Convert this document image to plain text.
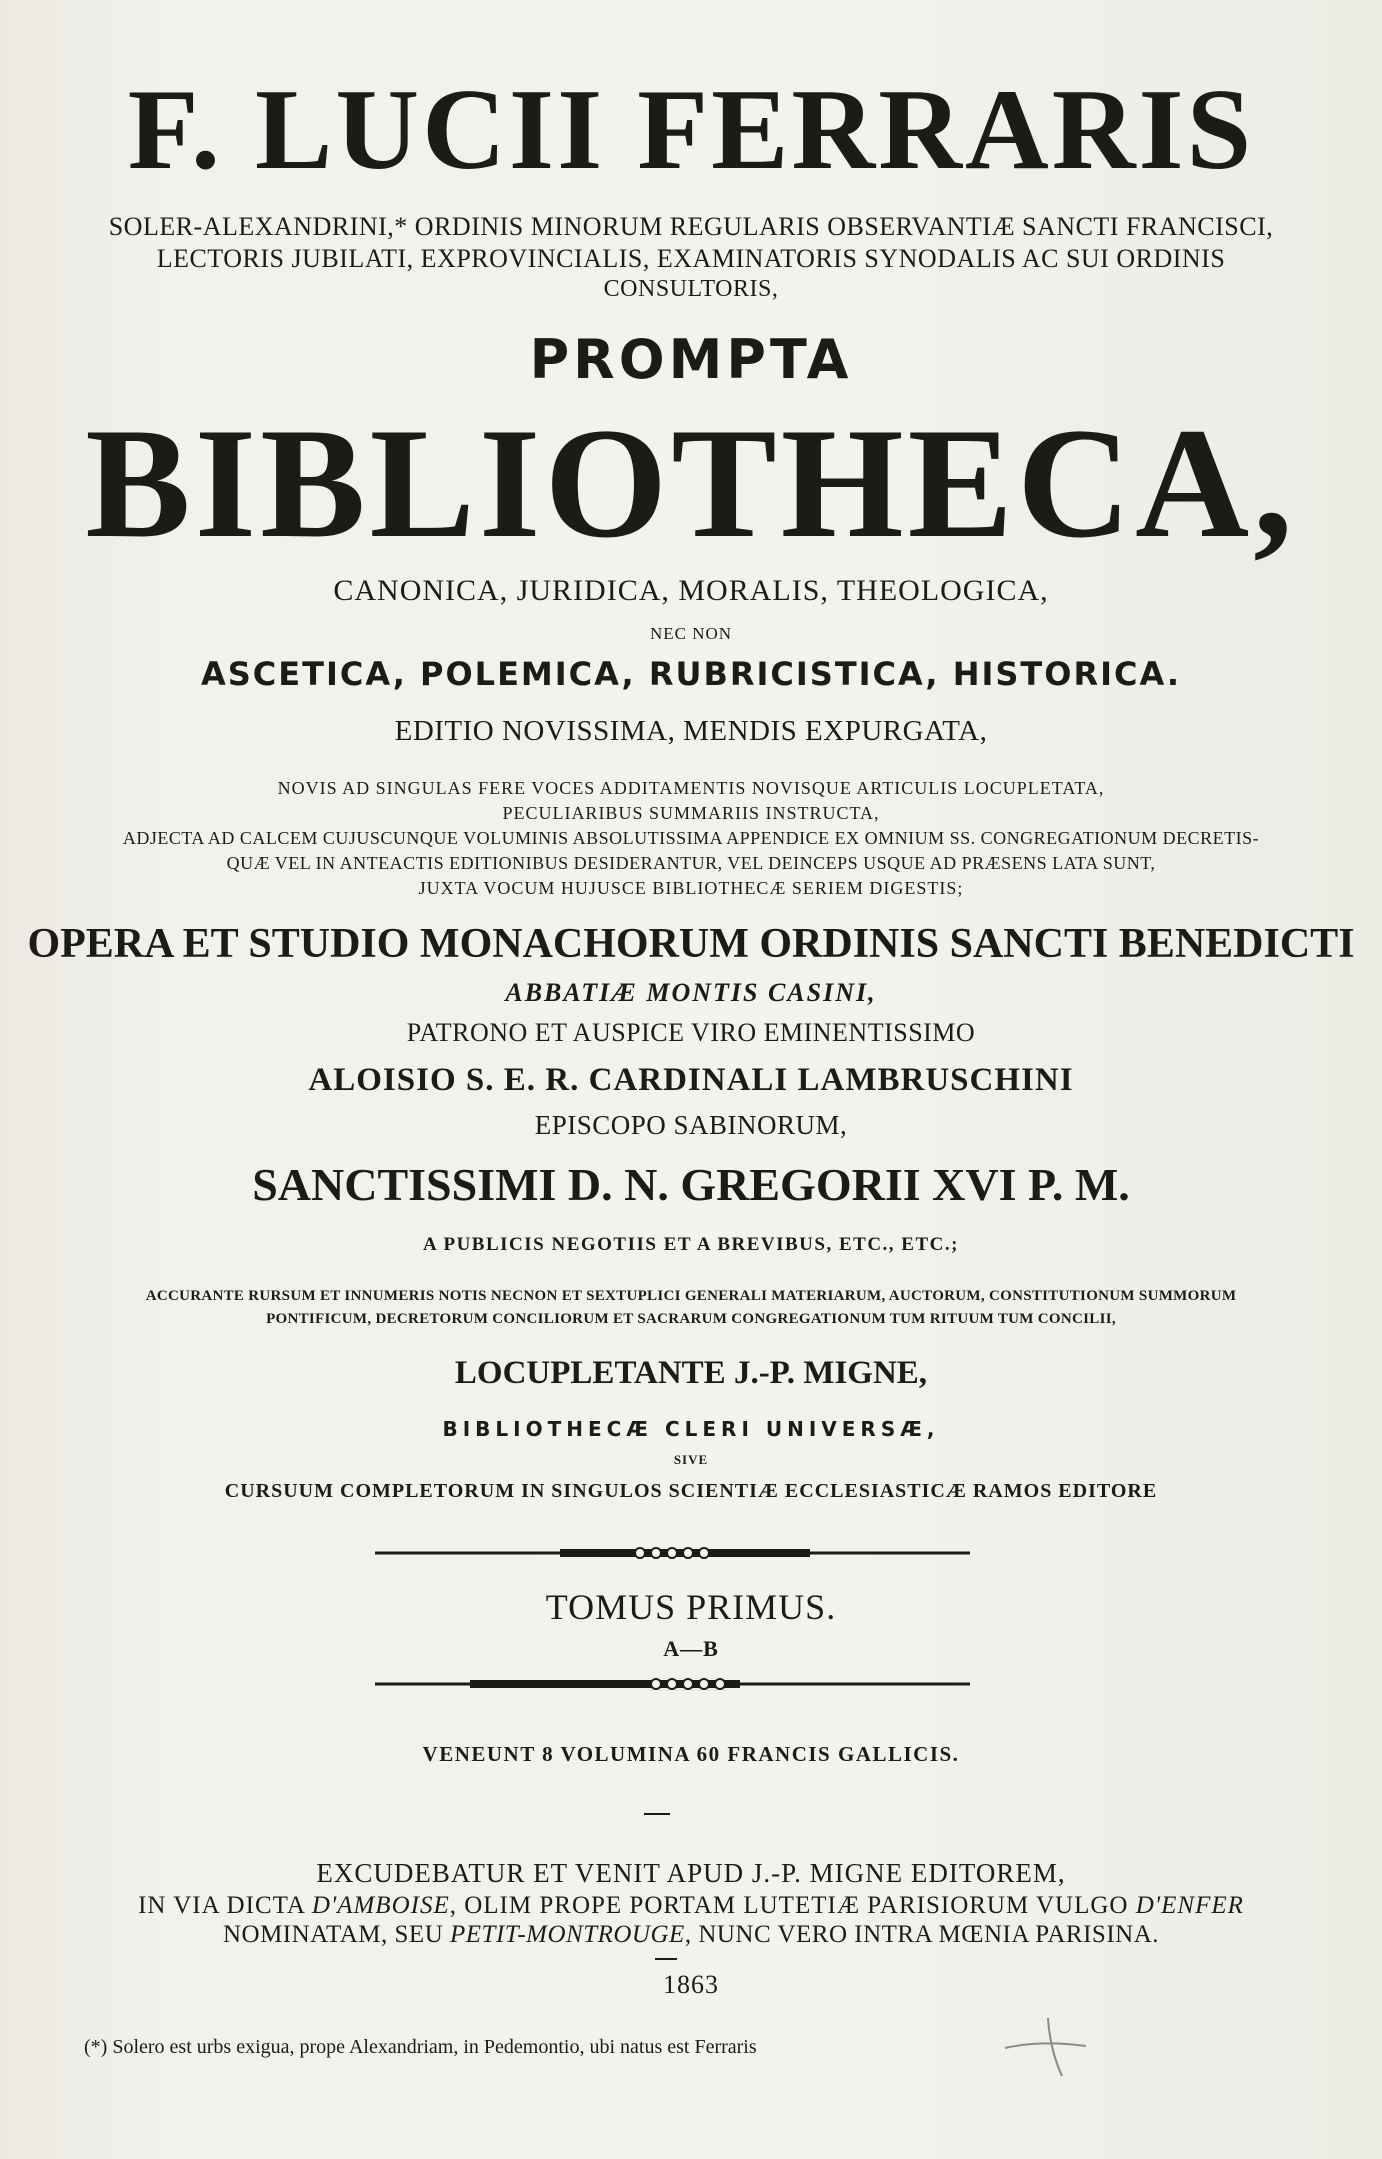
F. LUCII FERRARIS

SOLER-ALEXANDRINI,* ORDINIS MINORUM REGULARIS OBSERVANTIÆ SANCTI FRANCISCI,

LECTORIS JUBILATI, EXPROVINCIALIS, EXAMINATORIS SYNODALIS AC SUI ORDINIS

CONSULTORIS,

PROMPTA

BIBLIOTHECA,

CANONICA, JURIDICA, MORALIS, THEOLOGICA,

NEC NON

ASCETICA, POLEMICA, RUBRICISTICA, HISTORICA.

EDITIO NOVISSIMA, MENDIS EXPURGATA,

NOVIS AD SINGULAS FERE VOCES ADDITAMENTIS NOVISQUE ARTICULIS LOCUPLETATA,

PECULIARIBUS SUMMARIIS INSTRUCTA,

ADJECTA AD CALCEM CUJUSCUNQUE VOLUMINIS ABSOLUTISSIMA APPENDICE EX OMNIUM SS. CONGREGATIONUM DECRETIS-

QUÆ VEL IN ANTEACTIS EDITIONIBUS DESIDERANTUR, VEL DEINCEPS USQUE AD PRÆSENS LATA SUNT,

JUXTA VOCUM HUJUSCE BIBLIOTHECÆ SERIEM DIGESTIS;

OPERA ET STUDIO MONACHORUM ORDINIS SANCTI BENEDICTI

ABBATIÆ MONTIS CASINI,

PATRONO ET AUSPICE VIRO EMINENTISSIMO

ALOISIO S. E. R. CARDINALI LAMBRUSCHINI

EPISCOPO SABINORUM,

SANCTISSIMI D. N. GREGORII XVI P. M.

A PUBLICIS NEGOTIIS ET A BREVIBUS, ETC., ETC.;

ACCURANTE RURSUM ET INNUMERIS NOTIS NECNON ET SEXTUPLICI GENERALI MATERIARUM, AUCTORUM, CONSTITUTIONUM SUMMORUM

PONTIFICUM, DECRETORUM CONCILIORUM ET SACRARUM CONGREGATIONUM TUM RITUUM TUM CONCILII,

LOCUPLETANTE J.-P. MIGNE,

BIBLIOTHECÆ CLERI UNIVERSÆ,

SIVE

CURSUUM COMPLETORUM IN SINGULOS SCIENTIÆ ECCLESIASTICÆ RAMOS EDITORE

TOMUS PRIMUS.

A—B

VENEUNT 8 VOLUMINA 60 FRANCIS GALLICIS.

EXCUDEBATUR ET VENIT APUD J.-P. MIGNE EDITOREM,

IN VIA DICTA D'AMBOISE, OLIM PROPE PORTAM LUTETIÆ PARISIORUM VULGO D'ENFER

NOMINATAM, SEU PETIT-MONTROUGE, NUNC VERO INTRA MŒNIA PARISINA.

1863

(*) Solero est urbs exigua, prope Alexandriam, in Pedemontio, ubi natus est Ferraris
